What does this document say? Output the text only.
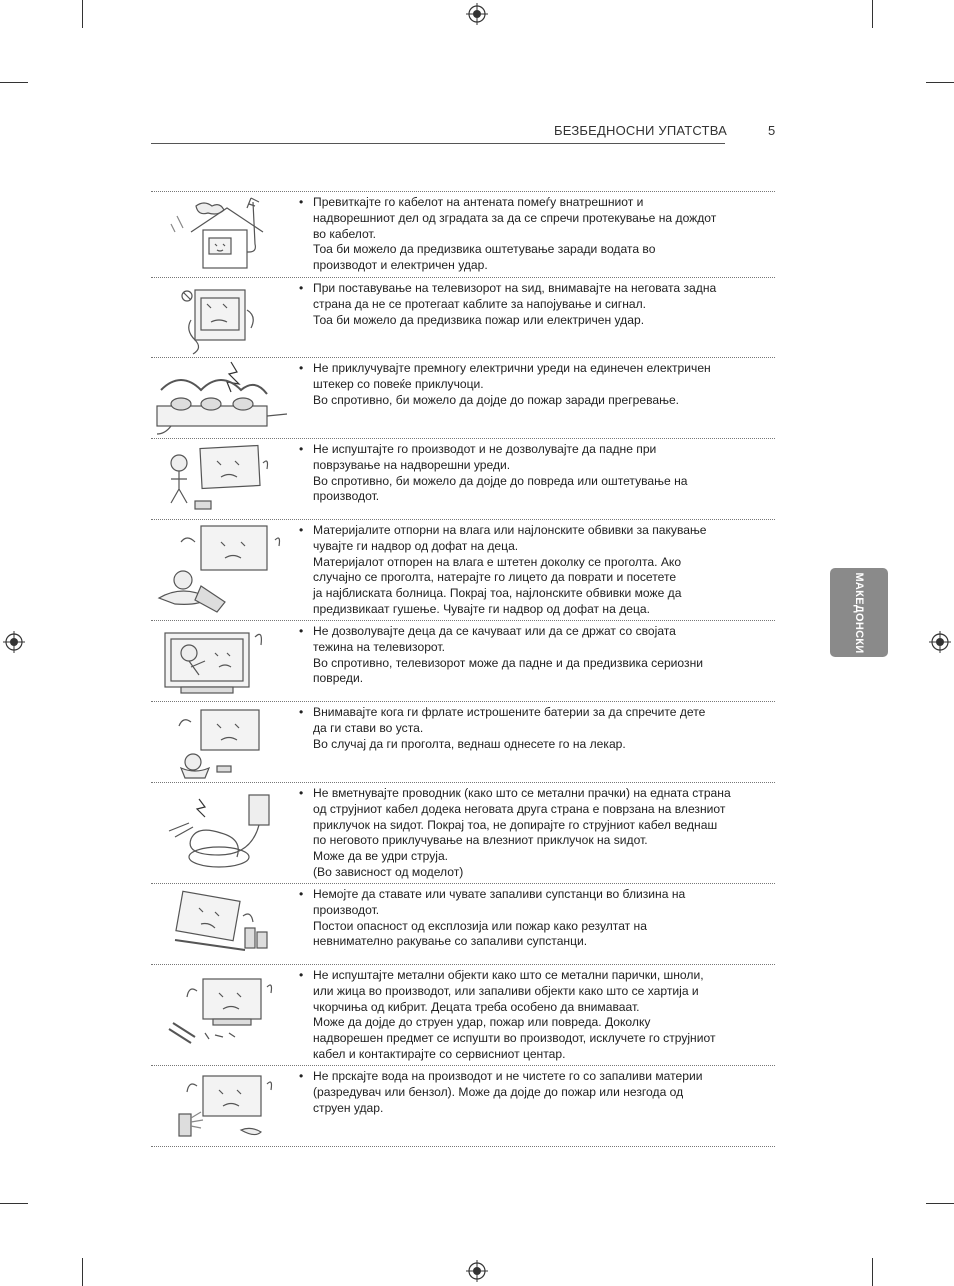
БЕЗБЕДНОСНИ УПАТСТВА	5
МАКЕДОНСКИ
• Превиткајте го кабелот на антената помеѓу внатрешниот и

надворешниот дел од зградата за да се спречи протекување на дождот

во кабелот.

Тоа би можело да предизвика оштетување заради водата во

производот и електричен удар.

• При поставување на телевизорот на ѕид, внимавајте на неговата задна

страна да не се протегаат каблите за напојување и сигнал.

Тоа би можело да предизвика пожар или електричен удар.

• Не приклучувајте премногу електрични уреди на единечен електричен

штекер со повеќе приклучоци.

Во спротивно, би можело да дојде до пожар заради прегревање.

• Не испуштајте го производот и не дозволувајте да падне при

поврзување на надворешни уреди.

Во спротивно, би можело да дојде до повреда или оштетување на

производот.

• Материјалите отпорни на влага или најлонските обвивки за пакување

чувајте ги надвор од дофат на деца.

Материјалот отпорен на влага е штетен доколку се проголта. Ако

случајно се проголта, натерајте го лицето да поврати и посетете

ја најблиската болница. Покрај тоа, најлонските обвивки може да

предизвикаат гушење. Чувајте ги надвор од дофат на деца.

• Не дозволувајте деца да се качуваат или да се држат со својата

тежина на телевизорот.

Во спротивно, телевизорот може да падне и да предизвика сериозни

повреди.

• Внимавајте кога ги фрлате истрошените батерии за да спречите дете

да ги стави во уста.

Во случај да ги проголта, веднаш однесете го на лекар.

• Не вметнувајте проводник (како што се метални прачки) на едната страна

од струјниот кабел додека неговата друга страна е поврзана на влезниот

приклучок на ѕидот. Покрај тоа, не допирајте го струјниот кабел веднаш

по неговото приклучување на влезниот приклучок на ѕидот.

Може да ве удри струја.

(Во зависност од моделот)

• Немојте да ставате или чувате запаливи супстанци во близина на

производот.

Постои опасност од експлозија или пожар како резултат на

невнимателно ракување со запаливи супстанци.

• Не испуштајте метални објекти како што се метални парички, шноли,

или жица во производот, или запаливи објекти како што се хартија и

чкорчиња од кибрит. Децата треба особено да внимаваат.

Може да дојде до струен удар, пожар или повреда. Доколку

надворешен предмет се испушти во производот, исклучете го струјниот

кабел и контактирајте со сервисниот центар.

• Не прскајте вода на производот и не чистете го со запаливи материи

(разредувач или бензол). Може да дојде до пожар или незгода од

струен удар.
